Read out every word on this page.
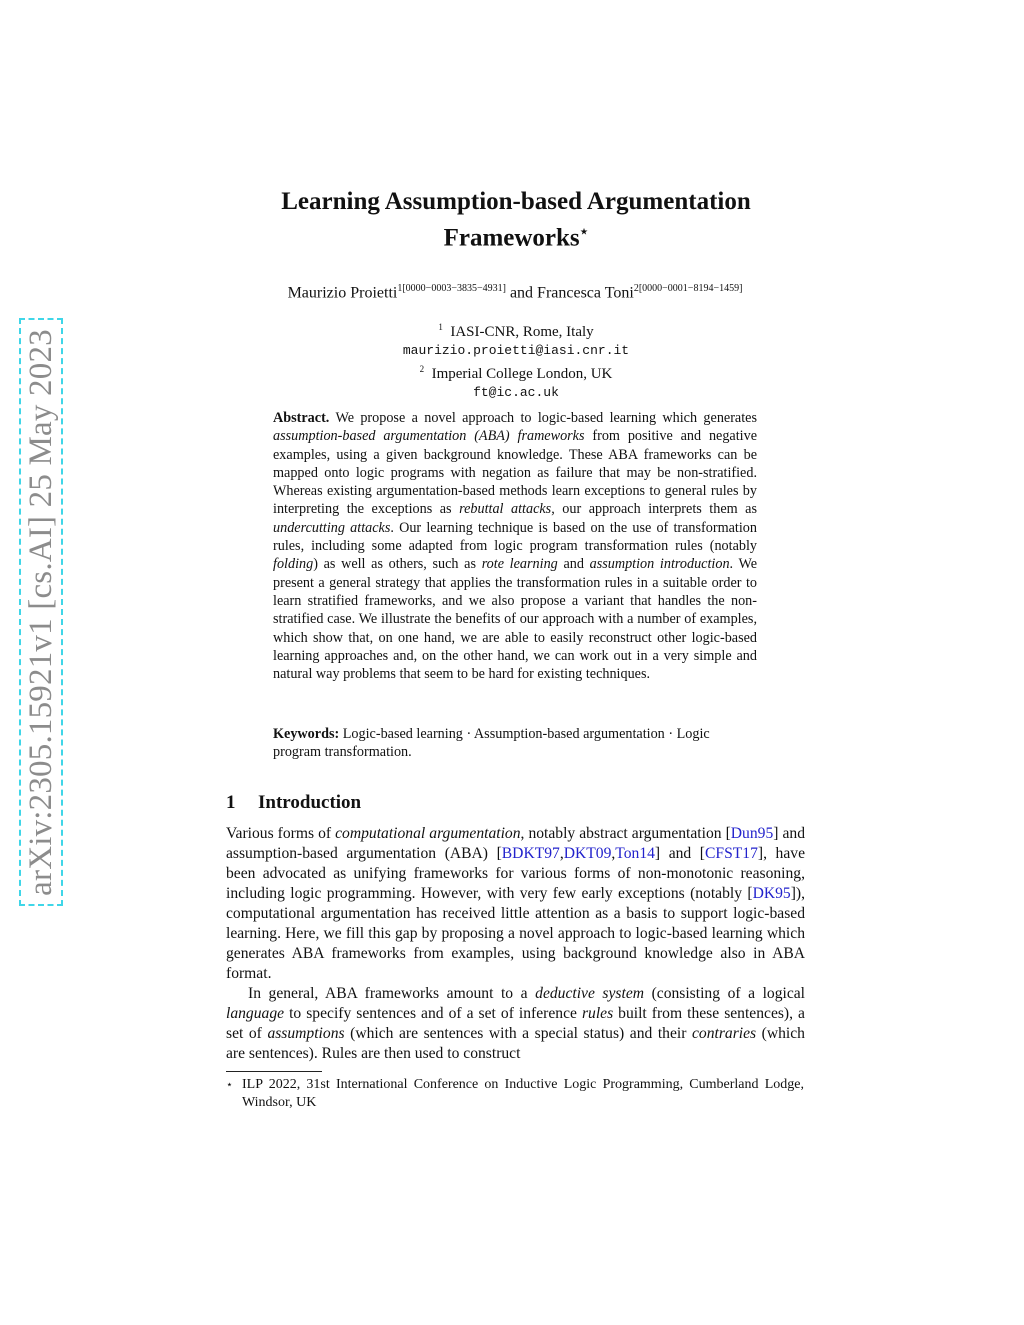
arXiv:2305.15921v1 [cs.AI] 25 May 2023
Learning Assumption-based Argumentation
Frameworks⋆
Maurizio Proietti$^{1[0000-0003-3835-4931]}$ and Francesca Toni$^{2[0000-0001-8194-1459]}$
$^1$ IASI-CNR, Rome, Italy
maurizio.proietti@iasi.cnr.it
$^2$ Imperial College London, UK
ft@ic.ac.uk
Abstract. We propose a novel approach to logic-based learning which generates assumption-based argumentation (ABA) frameworks from positive and negative examples, using a given background knowledge. These ABA frameworks can be mapped onto logic programs with negation as failure that may be non-stratified. Whereas existing argumentation-based methods learn exceptions to general rules by interpreting the exceptions as rebuttal attacks, our approach interprets them as undercutting attacks. Our learning technique is based on the use of transformation rules, including some adapted from logic program transformation rules (notably folding) as well as others, such as rote learning and assumption introduction. We present a general strategy that applies the transformation rules in a suitable order to learn stratified frameworks, and we also propose a variant that handles the non-stratified case. We illustrate the benefits of our approach with a number of examples, which show that, on one hand, we are able to easily reconstruct other logic-based learning approaches and, on the other hand, we can work out in a very simple and natural way problems that seem to be hard for existing techniques.
Keywords: Logic-based learning · Assumption-based argumentation · Logic program transformation.
1 Introduction

Various forms of computational argumentation, notably abstract argumentation [Dun95] and assumption-based argumentation (ABA) [BDKT97,DKT09,Ton14] and [CFST17], have been advocated as unifying frameworks for various forms of non-monotonic reasoning, including logic programming. However, with very few early exceptions (notably [DK95]), computational argumentation has received little attention as a basis to support logic-based learning. Here, we fill this gap by proposing a novel approach to logic-based learning which generates ABA frameworks from examples, using background knowledge also in ABA format.

In general, ABA frameworks amount to a deductive system (consisting of a logical language to specify sentences and of a set of inference rules built from these sentences), a set of assumptions (which are sentences with a special status) and their contraries (which are sentences). Rules are then used to construct

⋆ ILP 2022, 31st International Conference on Inductive Logic Programming, Cumberland Lodge, Windsor, UK
